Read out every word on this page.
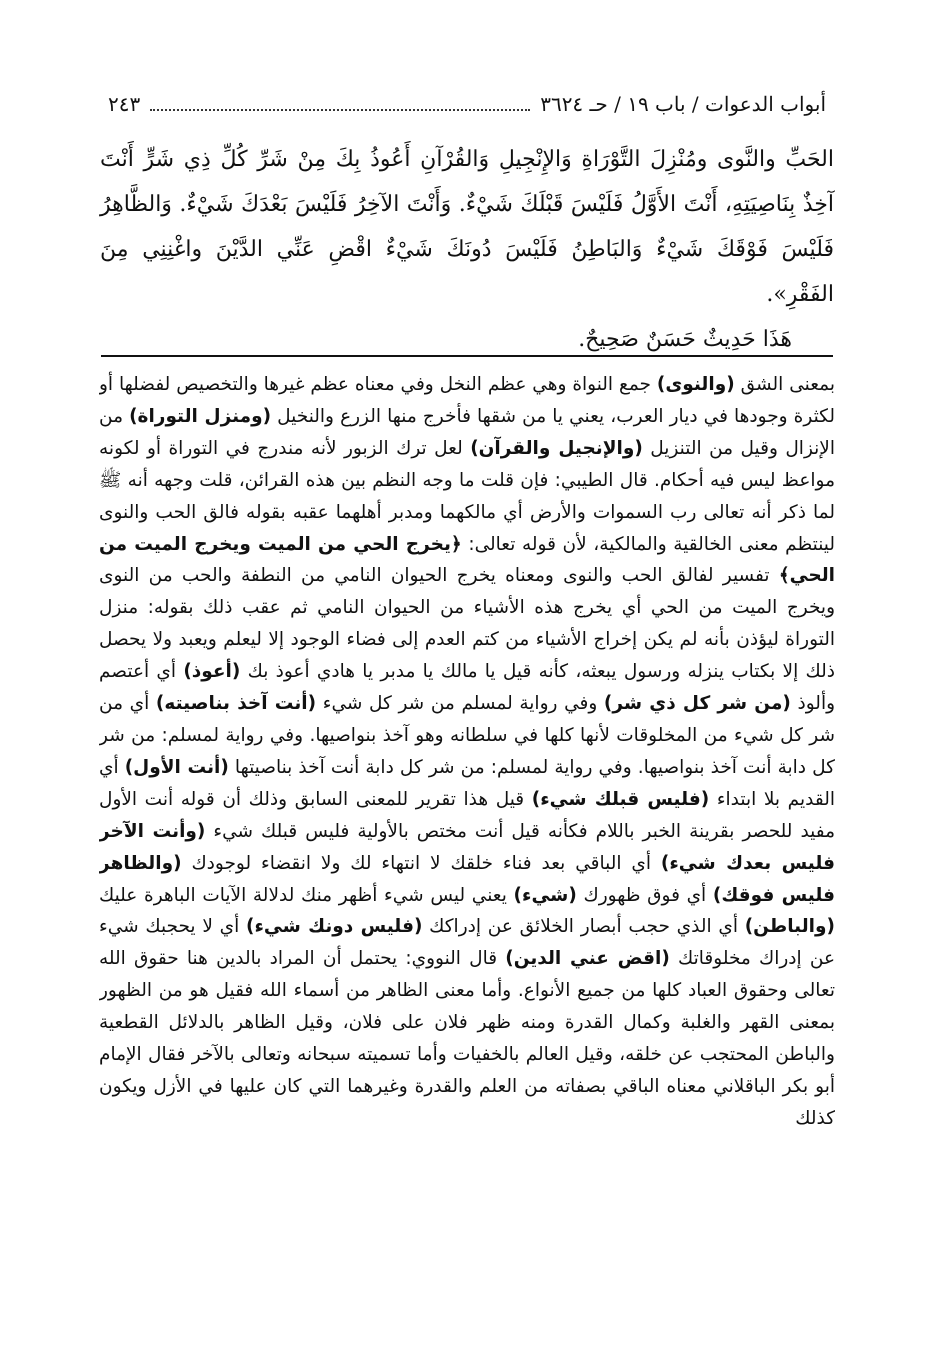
أبواب الدعوات / باب ١٩ / حـ ٣٦٢٤
٢٤٣
الحَبِّ والنَّوى ومُنْزِلَ التَّوْرَاةِ وَالإِنْجِيلِ وَالقُرْآنِ أَعُوذُ بِكَ مِنْ شَرِّ كُلِّ ذِي شَرٍّ أَنْتَ آخِذٌ بِنَاصِيَتِهِ، أَنْتَ الأَوَّلُ فَلَيْسَ قَبْلَكَ شَيْءٌ. وَأَنْتَ الآخِرُ فَلَيْسَ بَعْدَكَ شَيْءٌ. وَالظَّاهِرُ فَلَيْسَ فَوْقَكَ شَيْءٌ وَالبَاطِنُ فَلَيْسَ دُونَكَ شَيْءٌ اقْضِ عَنِّي الدَّيْنَ واغْنِنِي مِنَ الفَقْرِ».
هَذَا حَدِيثٌ حَسَنٌ صَحِيحٌ.
بمعنى الشق (والنوى) جمع النواة وهي عظم النخل وفي معناه عظم غيرها والتخصيص لفضلها أو لكثرة وجودها في ديار العرب، يعني يا من شقها فأخرج منها الزرع والنخيل (ومنزل التوراة) من الإنزال وقيل من التنزيل (والإنجيل والقرآن) لعل ترك الزبور لأنه مندرج في التوراة أو لكونه مواعظ ليس فيه أحكام. قال الطيبي: فإن قلت ما وجه النظم بين هذه القرائن، قلت وجهه أنه ﷺ لما ذكر أنه تعالى رب السموات والأرض أي مالكهما ومدبر أهلهما عقبه بقوله فالق الحب والنوى لينتظم معنى الخالقية والمالكية، لأن قوله تعالى: ﴿يخرج الحي من الميت ويخرج الميت من الحي﴾ تفسير لفالق الحب والنوى ومعناه يخرج الحيوان النامي من النطفة والحب من النوى ويخرج الميت من الحي أي يخرج هذه الأشياء من الحيوان النامي ثم عقب ذلك بقوله: منزل التوراة ليؤذن بأنه لم يكن إخراج الأشياء من كتم العدم إلى فضاء الوجود إلا ليعلم ويعبد ولا يحصل ذلك إلا بكتاب ينزله ورسول يبعثه، كأنه قيل يا مالك يا مدبر يا هادي أعوذ بك (أعوذ) أي أعتصم وألوذ (من شر كل ذي شر) وفي رواية لمسلم من شر كل شيء (أنت آخذ بناصيته) أي من شر كل شيء من المخلوقات لأنها كلها في سلطانه وهو آخذ بنواصيها. وفي رواية لمسلم: من شر كل دابة أنت آخذ بنواصيها. وفي رواية لمسلم: من شر كل دابة أنت آخذ بناصيتها (أنت الأول) أي القديم بلا ابتداء (فليس قبلك شيء) قيل هذا تقرير للمعنى السابق وذلك أن قوله أنت الأول مفيد للحصر بقرينة الخبر باللام فكأنه قيل أنت مختص بالأولية فليس قبلك شيء (وأنت الآخر فليس بعدك شيء) أي الباقي بعد فناء خلقك لا انتهاء لك ولا انقضاء لوجودك (والظاهر فليس فوقك) أي فوق ظهورك (شيء) يعني ليس شيء أظهر منك لدلالة الآيات الباهرة عليك (والباطن) أي الذي حجب أبصار الخلائق عن إدراكك (فليس دونك شيء) أي لا يحجبك شيء عن إدراك مخلوقاتك (اقض عني الدين) قال النووي: يحتمل أن المراد بالدين هنا حقوق الله تعالى وحقوق العباد كلها من جميع الأنواع. وأما معنى الظاهر من أسماء الله فقيل هو من الظهور بمعنى القهر والغلبة وكمال القدرة ومنه ظهر فلان على فلان، وقيل الظاهر بالدلائل القطعية والباطن المحتجب عن خلقه، وقيل العالم بالخفيات وأما تسميته سبحانه وتعالى بالآخر فقال الإمام أبو بكر الباقلاني معناه الباقي بصفاته من العلم والقدرة وغيرهما التي كان عليها في الأزل ويكون كذلك
